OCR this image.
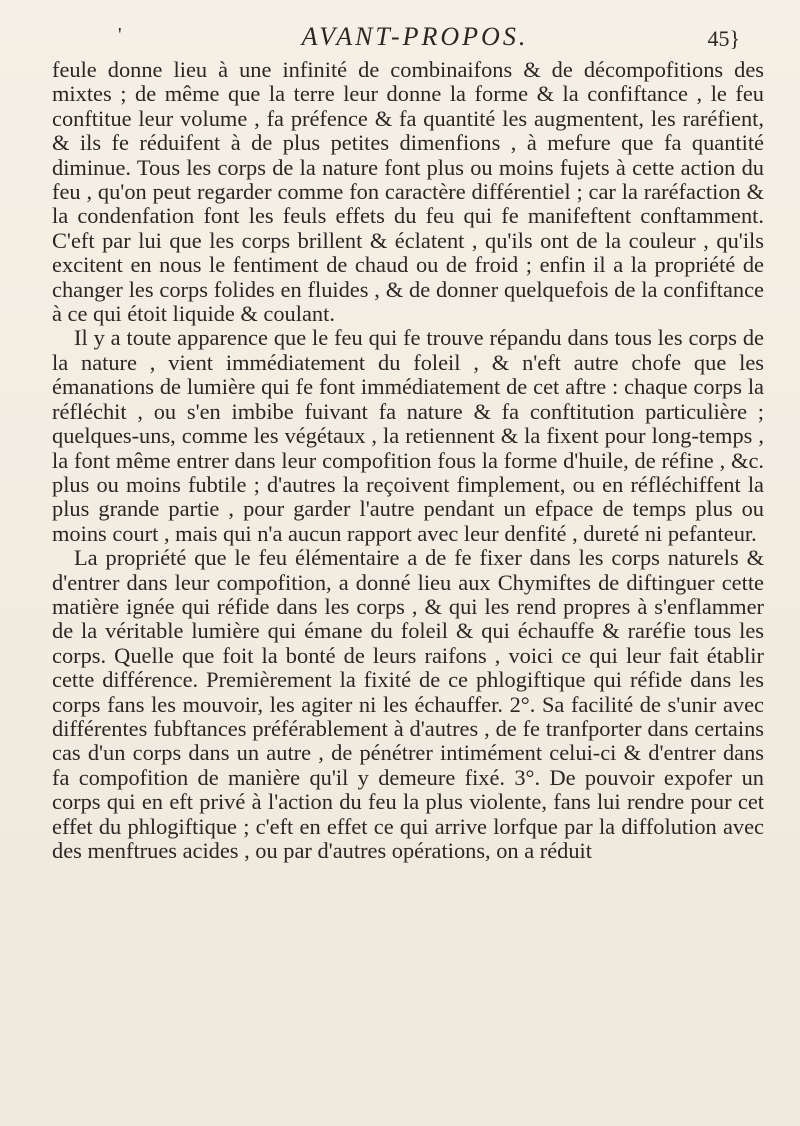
'	AVANT-PROPOS.	45}

feule donne lieu à une infinité de combinaifons & de décompofitions des mixtes ; de même que la terre leur donne la forme & la confiftance , le feu conftitue leur volume , fa préfence & fa quantité les augmentent, les raréfient, & ils fe réduifent à de plus petites dimenfions , à mefure que fa quantité diminue. Tous les corps de la nature font plus ou moins fujets à cette action du feu , qu'on peut regarder comme fon caractère différentiel ; car la raréfaction & la condenfation font les feuls effets du feu qui fe manifeftent conftamment. C'eft par lui que les corps brillent & éclatent , qu'ils ont de la couleur , qu'ils excitent en nous le fentiment de chaud ou de froid ; enfin il a la propriété de changer les corps folides en fluides , & de donner quelquefois de la confiftance à ce qui étoit liquide & coulant.

Il y a toute apparence que le feu qui fe trouve répandu dans tous les corps de la nature , vient immédiatement du foleil , & n'eft autre chofe que les émanations de lumière qui fe font immédiatement de cet aftre : chaque corps la réfléchit , ou s'en imbibe fuivant fa nature & fa conftitution particulière ; quelques-uns, comme les végétaux , la retiennent & la fixent pour long-temps , la font même entrer dans leur compofition fous la forme d'huile, de réfine , &c. plus ou moins fubtile ; d'autres la reçoivent fimplement, ou en réfléchiffent la plus grande partie , pour garder l'autre pendant un efpace de temps plus ou moins court , mais qui n'a aucun rapport avec leur denfité , dureté ni pefanteur.

La propriété que le feu élémentaire a de fe fixer dans les corps naturels & d'entrer dans leur compofition, a donné lieu aux Chymiftes de diftinguer cette matière ignée qui réfide dans les corps , & qui les rend propres à s'enflammer de la véritable lumière qui émane du foleil & qui échauffe & raréfie tous les corps. Quelle que foit la bonté de leurs raifons , voici ce qui leur fait établir cette différence. Premièrement la fixité de ce phlogiftique qui réfide dans les corps fans les mouvoir, les agiter ni les échauffer. 2°. Sa facilité de s'unir avec différentes fubftances préférablement à d'autres , de fe tranfporter dans certains cas d'un corps dans un autre , de pénétrer intimément celui-ci & d'entrer dans fa compofition de manière qu'il y demeure fixé. 3°. De pouvoir expofer un corps qui en eft privé à l'action du feu la plus violente, fans lui rendre pour cet effet du phlogiftique ; c'eft en effet ce qui arrive lorfque par la diffolution avec des menftrues acides , ou par d'autres opérations, on a réduit
